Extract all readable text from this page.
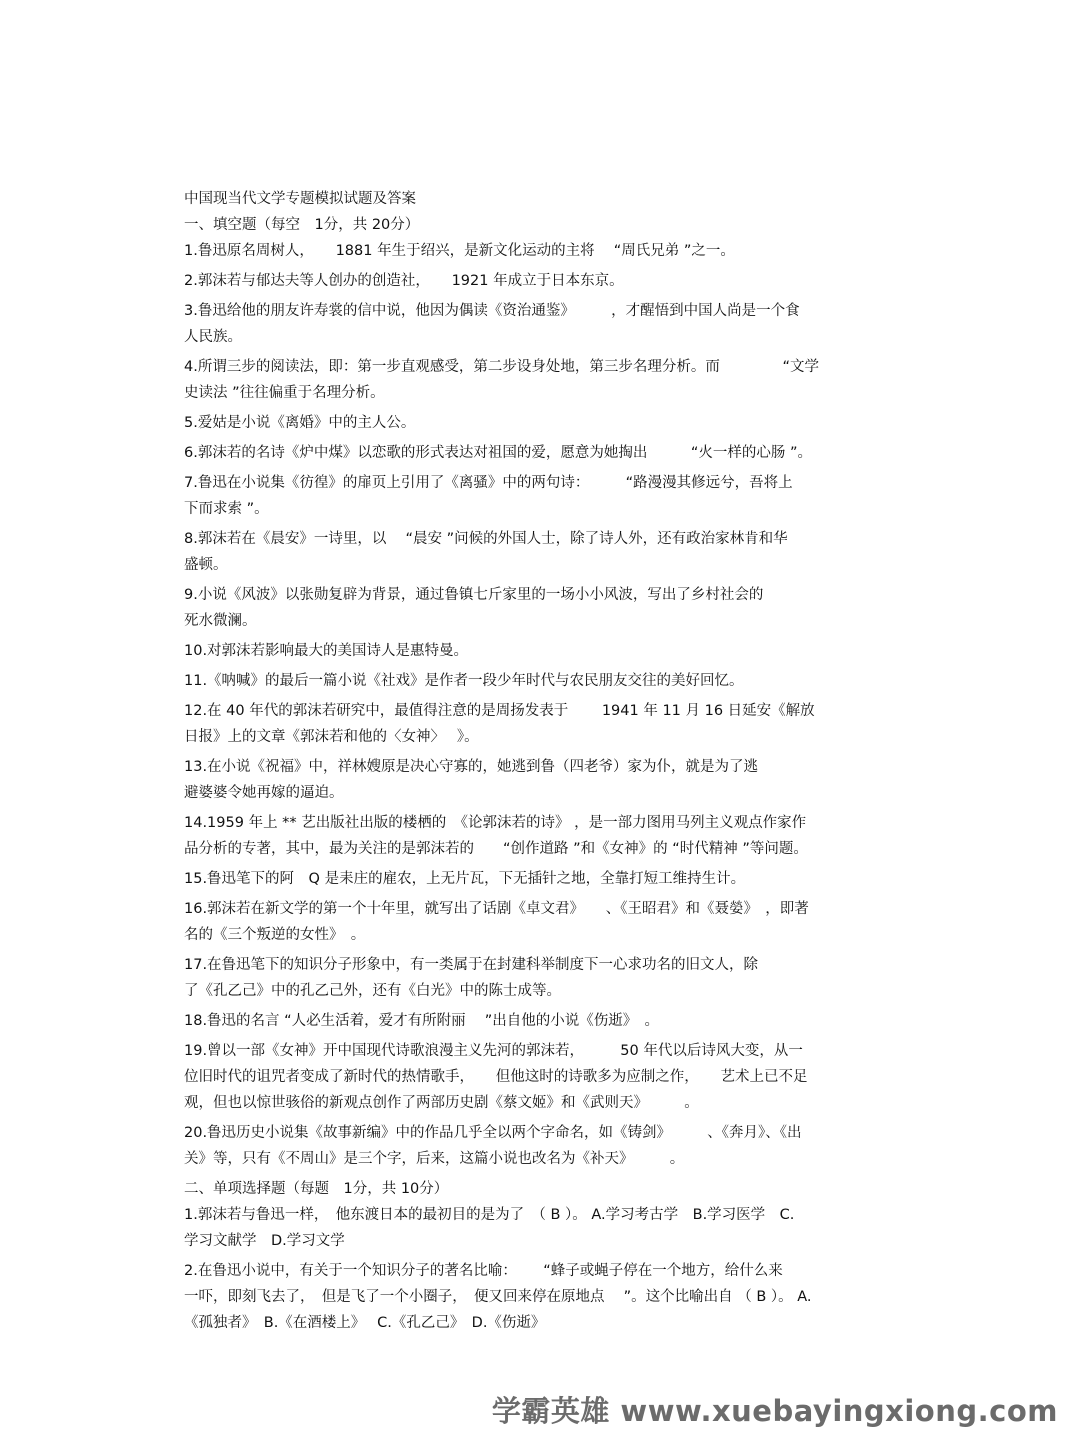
中国现当代文学专题模拟试题及答案
一、填空题（每空　1分，共 20分）
1.鲁迅原名周树人，　　1881 年生于绍兴，是新文化运动的主将　 “周氏兄弟 ”之一。
2.郭沫若与郁达夫等人创办的创造社，　　1921 年成立于日本东京。
3.鲁迅给他的朋友许寿裳的信中说，他因为偶读《资治通鉴》　　　，才醒悟到中国人尚是一个食
人民族。
4.所谓三步的阅读法，即：第一步直观感受，第二步设身处地，第三步名理分析。而　　　　 “文学
史读法 ”往往偏重于名理分析。
5.爱姑是小说《离婚》中的主人公。
6.郭沫若的名诗《炉中煤》以恋歌的形式表达对祖国的爱，愿意为她掏出　　　“火一样的心肠 ”。
7.鲁迅在小说集《彷徨》的扉页上引用了《离骚》中的两句诗：　　　“路漫漫其修远兮，吾将上
下而求索 ”。
8.郭沫若在《晨安》一诗里，以　 “晨安 ”问候的外国人士，除了诗人外，还有政治家林肯和华
盛顿。
9.小说《风波》以张勋复辟为背景，通过鲁镇七斤家里的一场小小风波，写出了乡村社会的
死水微澜。
10.对郭沫若影响最大的美国诗人是惠特曼。
11.《呐喊》的最后一篇小说《社戏》是作者一段少年时代与农民朋友交往的美好回忆。
12.在 40 年代的郭沫若研究中，最值得注意的是周扬发表于　　 1941 年 11 月 16 日延安《解放
日报》上的文章《郭沫若和他的〈女神〉　 》。
13.在小说《祝福》中，祥林嫂原是决心守寡的，她逃到鲁（四老爷）家为仆，就是为了逃
避婆婆令她再嫁的逼迫。
14.1959 年上 ** 艺出版社出版的楼栖的　《论郭沫若的诗》 ，是一部力图用马列主义观点作家作
品分析的专著，其中，最为关注的是郭沫若的　　“创作道路 ”和《女神》的 “时代精神 ”等问题。
15.鲁迅笔下的阿　Q 是耒庄的雇农，上无片瓦，下无插针之地，全靠打短工维持生计。
16.郭沫若在新文学的第一个十年里，就写出了话剧《卓文君》　　、《王昭君》和《聂嫈》　，即著
名的《三个叛逆的女性》　。
17.在鲁迅笔下的知识分子形象中，有一类属于在封建科举制度下一心求功名的旧文人，除
了《孔乙己》中的孔乙己外，还有《白光》中的陈士成等。
18.鲁迅的名言 “人必生活着，爱才有所附丽　 ”出自他的小说《伤逝》　。
19.曾以一部《女神》开中国现代诗歌浪漫主义先河的郭沫若，　　　50 年代以后诗风大变，从一
位旧时代的诅咒者变成了新时代的热情歌手，　　但他这时的诗歌多为应制之作，　　艺术上已不足
观，但也以惊世骇俗的新观点创作了两部历史剧《蔡文姬》和《武则天》　　　。
20.鲁迅历史小说集《故事新编》中的作品几乎全以两个字命名，如《铸剑》　　　、《奔月》、《出
关》等，只有《不周山》是三个字，后来，这篇小说也改名为《补天》　　　。
二、单项选择题（每题　1分，共 10分）
1.郭沫若与鲁迅一样，　他东渡日本的最初目的是为了　（ B ）。 A.学习考古学　B.学习医学　C.
学习文献学　D.学习文学
2.在鲁迅小说中，有关于一个知识分子的著名比喻：　　 “蜂子或蝇子停在一个地方，给什么来
一吓，即刻飞去了，　但是飞了一个小圈子，　便又回来停在原地点　 ”。这个比喻出自 （ B ）。 A.
《孤独者》　B.《在酒楼上》　 C.《孔乙己》　D.《伤逝》
学霸英雄 www.xuebayingxiong.com
